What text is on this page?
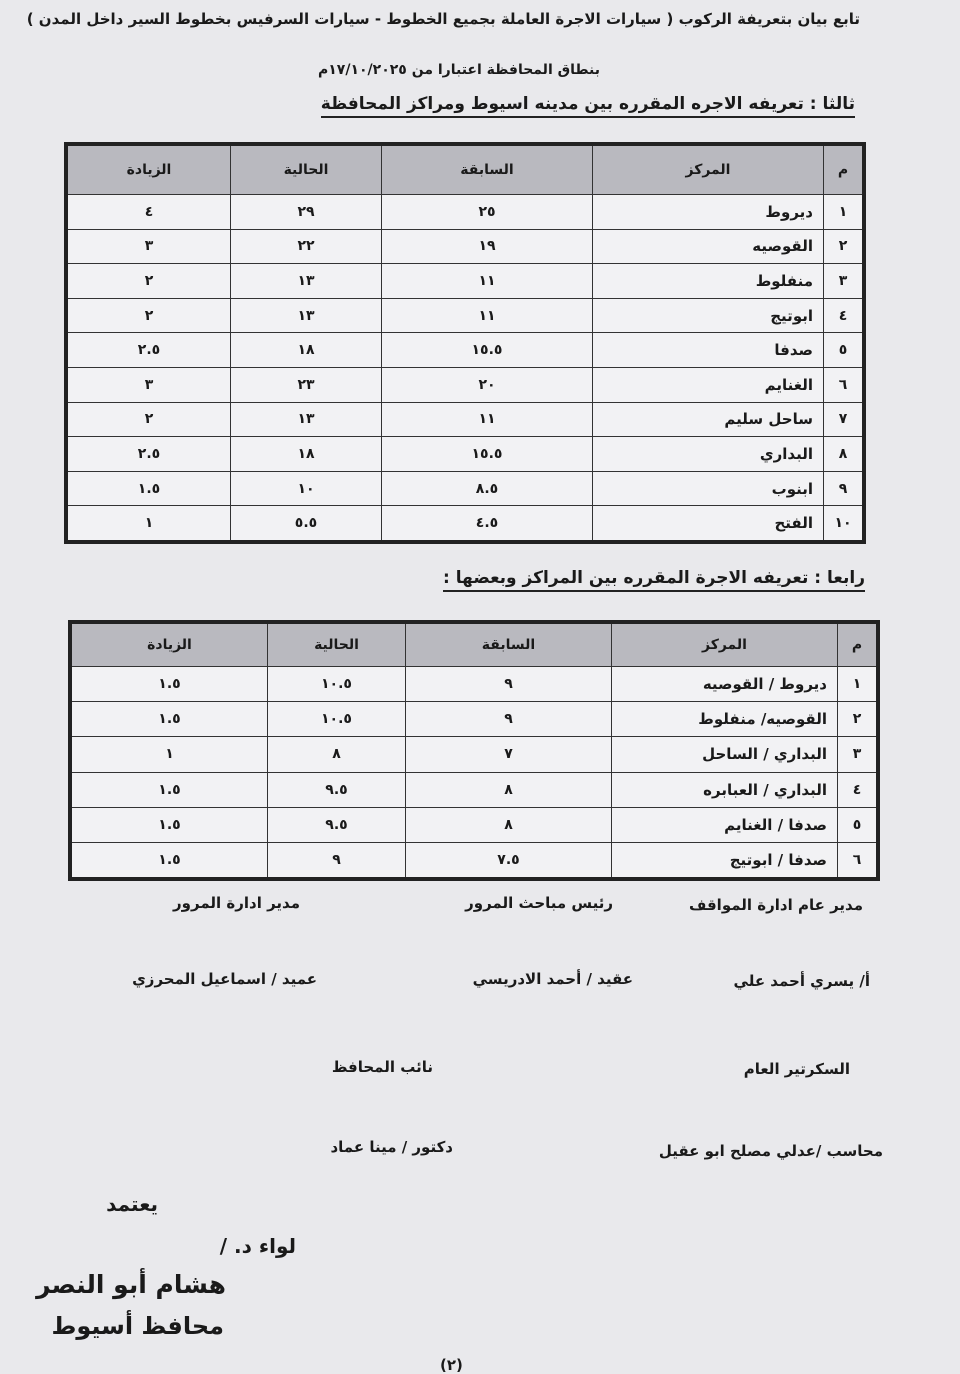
تابع بيان بتعريفة الركوب ( سيارات الاجرة العاملة بجميع الخطوط - سيارات السرفيس بخطوط السير داخل المدن )
بنطاق المحافظة اعتبارا من ١٧/١٠/٢٠٢٥م
ثالثا : تعريفه الاجره المقرره بين مدينه اسيوط ومراكز المحافظة
م	المركز	السابقة	الحالية	الزيادة
١	ديروط	٢٥	٢٩	٤
٢	القوصيه	١٩	٢٢	٣
٣	منفلوط	١١	١٣	٢
٤	ابوتيج	١١	١٣	٢
٥	صدفا	١٥.٥	١٨	٢.٥
٦	الغنايم	٢٠	٢٣	٣
٧	ساحل سليم	١١	١٣	٢
٨	البداري	١٥.٥	١٨	٢.٥
٩	ابنوب	٨.٥	١٠	١.٥
١٠	الفتح	٤.٥	٥.٥	١
رابعا : تعريفه الاجرة المقرره بين المراكز وبعضها :
م	المركز	السابقة	الحالية	الزيادة
١	ديروط / القوصيه	٩	١٠.٥	١.٥
٢	القوصيه/ منفلوط	٩	١٠.٥	١.٥
٣	البداري / الساحل	٧	٨	١
٤	البداري / العبابره	٨	٩.٥	١.٥
٥	صدفا / الغنايم	٨	٩.٥	١.٥
٦	صدفا / ابوتيج	٧.٥	٩	١.٥
مدير عام ادارة المواقف
رئيس مباحث المرور
مدير ادارة المرور
أ/ يسري أحمد علي
عقيد / أحمد الادريسي
عميد / اسماعيل المحرزي
السكرتير العام
نائب المحافظ
محاسب /عدلي مصلح ابو عقيل
دكتور / مينا عماد
يعتمد
لواء د. /
هشام أبو النصر
محافظ أسيوط
(٢)
